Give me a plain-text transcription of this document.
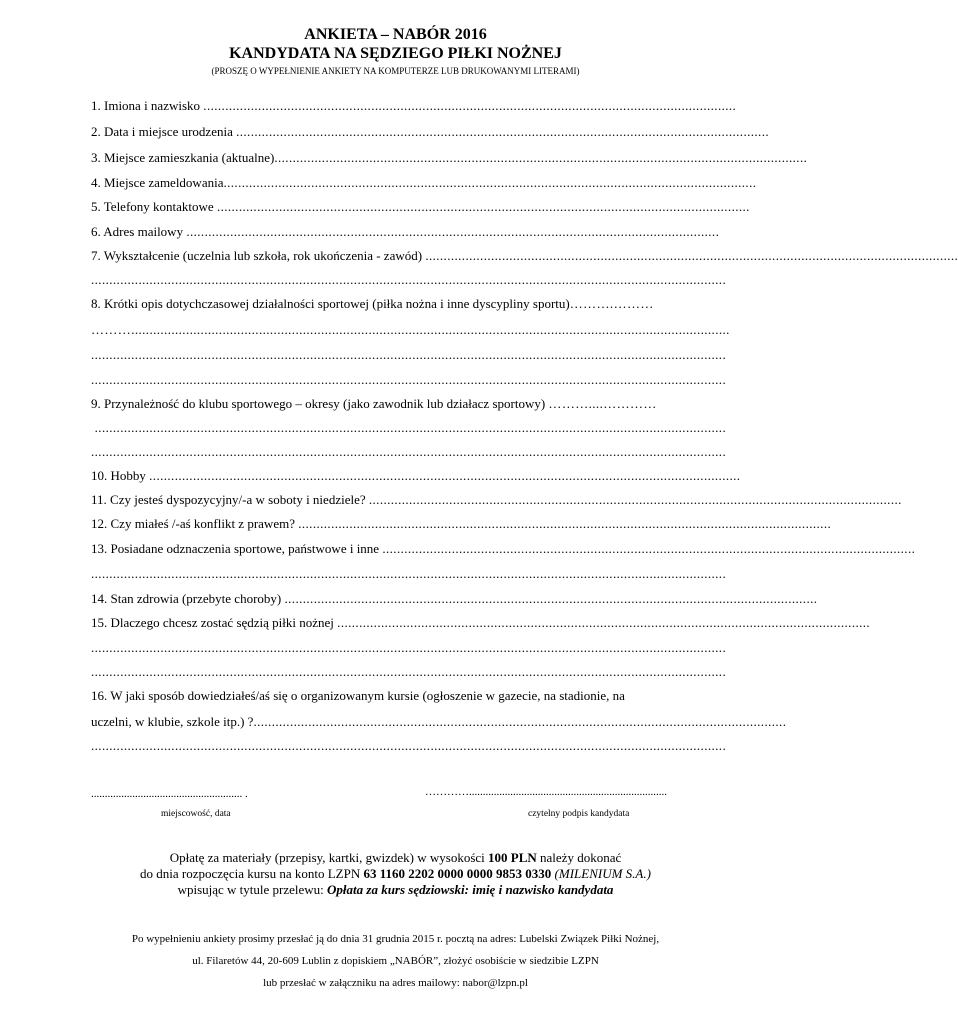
ANKIETA – NABÓR 2016
KANDYDATA NA SĘDZIEGO PIŁKI NOŻNEJ
(PROSZĘ O WYPEŁNIENIE ANKIETY NA KOMPUTERZE LUB DRUKOWANYMI LITERAMI)
1. Imiona i nazwisko ..................................................................................................................................................
2. Data i miejsce urodzenia ..................................................................................................................................................
3. Miejsce zamieszkania (aktualne)..................................................................................................................................................
4. Miejsce zameldowania..................................................................................................................................................
5. Telefony kontaktowe ..................................................................................................................................................
6. Adres mailowy ..................................................................................................................................................
7. Wykształcenie (uczelnia lub szkoła, rok ukończenia - zawód) ..................................................................................................................................................
..............................................................................................................................................................................
8. Krótki opis dotychczasowej działalności sportowej (piłka nożna i inne dyscypliny sportu)……….………
………....................................................................................................................................................................
..............................................................................................................................................................................
..............................................................................................................................................................................
9. Przynależność do klubu sportowego – okresy (jako zawodnik lub działacz sportowy) ………....…………
.............................................................................................................................................................................
..............................................................................................................................................................................
10. Hobby ..................................................................................................................................................................
11. Czy jesteś dyspozycyjny/-a w soboty i niedziele? ..................................................................................................................................................
12. Czy miałeś /-aś konflikt z prawem? ..................................................................................................................................................
13. Posiadane odznaczenia sportowe, państwowe i inne ..................................................................................................................................................
..............................................................................................................................................................................
14. Stan zdrowia (przebyte choroby) ..................................................................................................................................................
15. Dlaczego chcesz zostać sędzią piłki nożnej ..................................................................................................................................................
..............................................................................................................................................................................
..............................................................................................................................................................................
16. W jaki sposób dowiedziałeś/aś się o organizowanym kursie (ogłoszenie w gazecie, na stadionie, na
uczelni, w klubie, szkole itp.) ?..................................................................................................................................................
..............................................................................................................................................................................
....................................................... .	…………........................................................................
miejscowość, data	czytelny podpis kandydata
Opłatę za materiały (przepisy, kartki, gwizdek) w wysokości 100 PLN należy dokonać
do dnia rozpoczęcia kursu na konto LZPN 63 1160 2202 0000 0000 9853 0330 (MILENIUM S.A.)
wpisując w tytule przelewu: Opłata za kurs sędziowski: imię i nazwisko kandydata
Po wypełnieniu ankiety prosimy przesłać ją do dnia 31 grudnia 2015 r. pocztą na adres: Lubelski Związek Piłki Nożnej,
ul. Filaretów 44, 20-609 Lublin z dopiskiem „NABÓR”, złożyć osobiście w siedzibie LZPN
lub przesłać w załączniku na adres mailowy: nabor@lzpn.pl
